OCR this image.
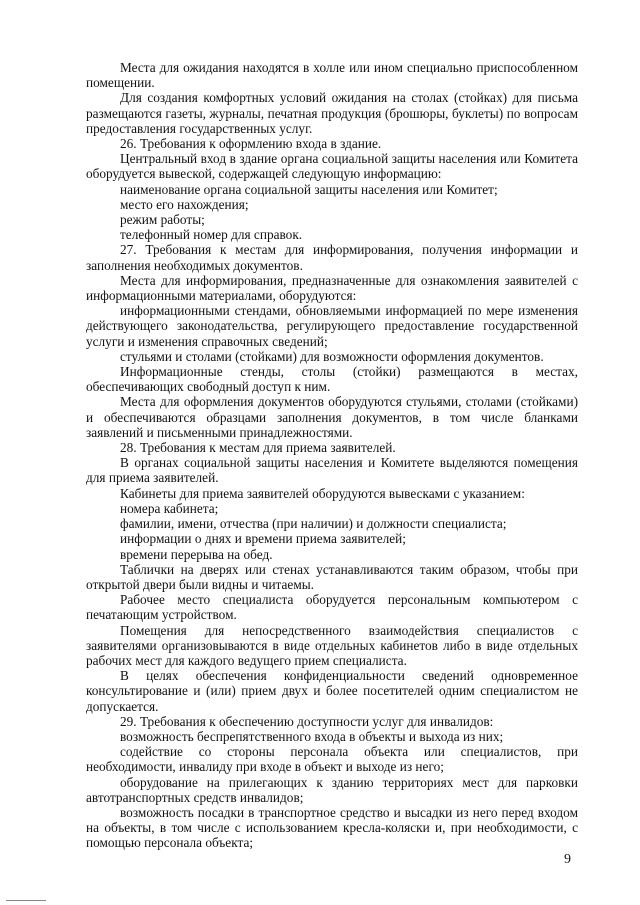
Места для ожидания находятся в холле или ином специально приспособленном помещении.

Для создания комфортных условий ожидания на столах (стойках) для письма размещаются газеты, журналы, печатная продукция (брошюры, буклеты) по вопросам предоставления государственных услуг.

26. Требования к оформлению входа в здание.

Центральный вход в здание органа социальной защиты населения или Комитета оборудуется вывеской, содержащей следующую информацию:

наименование органа социальной защиты населения или Комитет;

место его нахождения;

режим работы;

телефонный номер для справок.

27. Требования к местам для информирования, получения информации и заполнения необходимых документов.

Места для информирования, предназначенные для ознакомления заявителей с информационными материалами, оборудуются:

информационными стендами, обновляемыми информацией по мере изменения действующего законодательства, регулирующего предоставление государственной услуги и изменения справочных сведений;

стульями и столами (стойками) для возможности оформления документов.

Информационные стенды, столы (стойки) размещаются в местах, обеспечивающих свободный доступ к ним.

Места для оформления документов оборудуются стульями, столами (стойками) и обеспечиваются образцами заполнения документов, в том числе бланками заявлений и письменными принадлежностями.

28. Требования к местам для приема заявителей.

В органах социальной защиты населения и Комитете выделяются помещения для приема заявителей.

Кабинеты для приема заявителей оборудуются вывесками с указанием:

номера кабинета;

фамилии, имени, отчества (при наличии) и должности специалиста;

информации о днях и времени приема заявителей;

времени перерыва на обед.

Таблички на дверях или стенах устанавливаются таким образом, чтобы при открытой двери были видны и читаемы.

Рабочее место специалиста оборудуется персональным компьютером с печатающим устройством.

Помещения для непосредственного взаимодействия специалистов с заявителями организовываются в виде отдельных кабинетов либо в виде отдельных рабочих мест для каждого ведущего прием специалиста.

В целях обеспечения конфиденциальности сведений одновременное консультирование и (или) прием двух и более посетителей одним специалистом не допускается.

29. Требования к обеспечению доступности услуг для инвалидов:

возможность беспрепятственного входа в объекты и выхода из них;

содействие со стороны персонала объекта или специалистов, при необходимости, инвалиду при входе в объект и выходе из него;

оборудование на прилегающих к зданию территориях мест для парковки автотранспортных средств инвалидов;

возможность посадки в транспортное средство и высадки из него перед входом на объекты, в том числе с использованием кресла-коляски и, при необходимости, с помощью персонала объекта;

9
